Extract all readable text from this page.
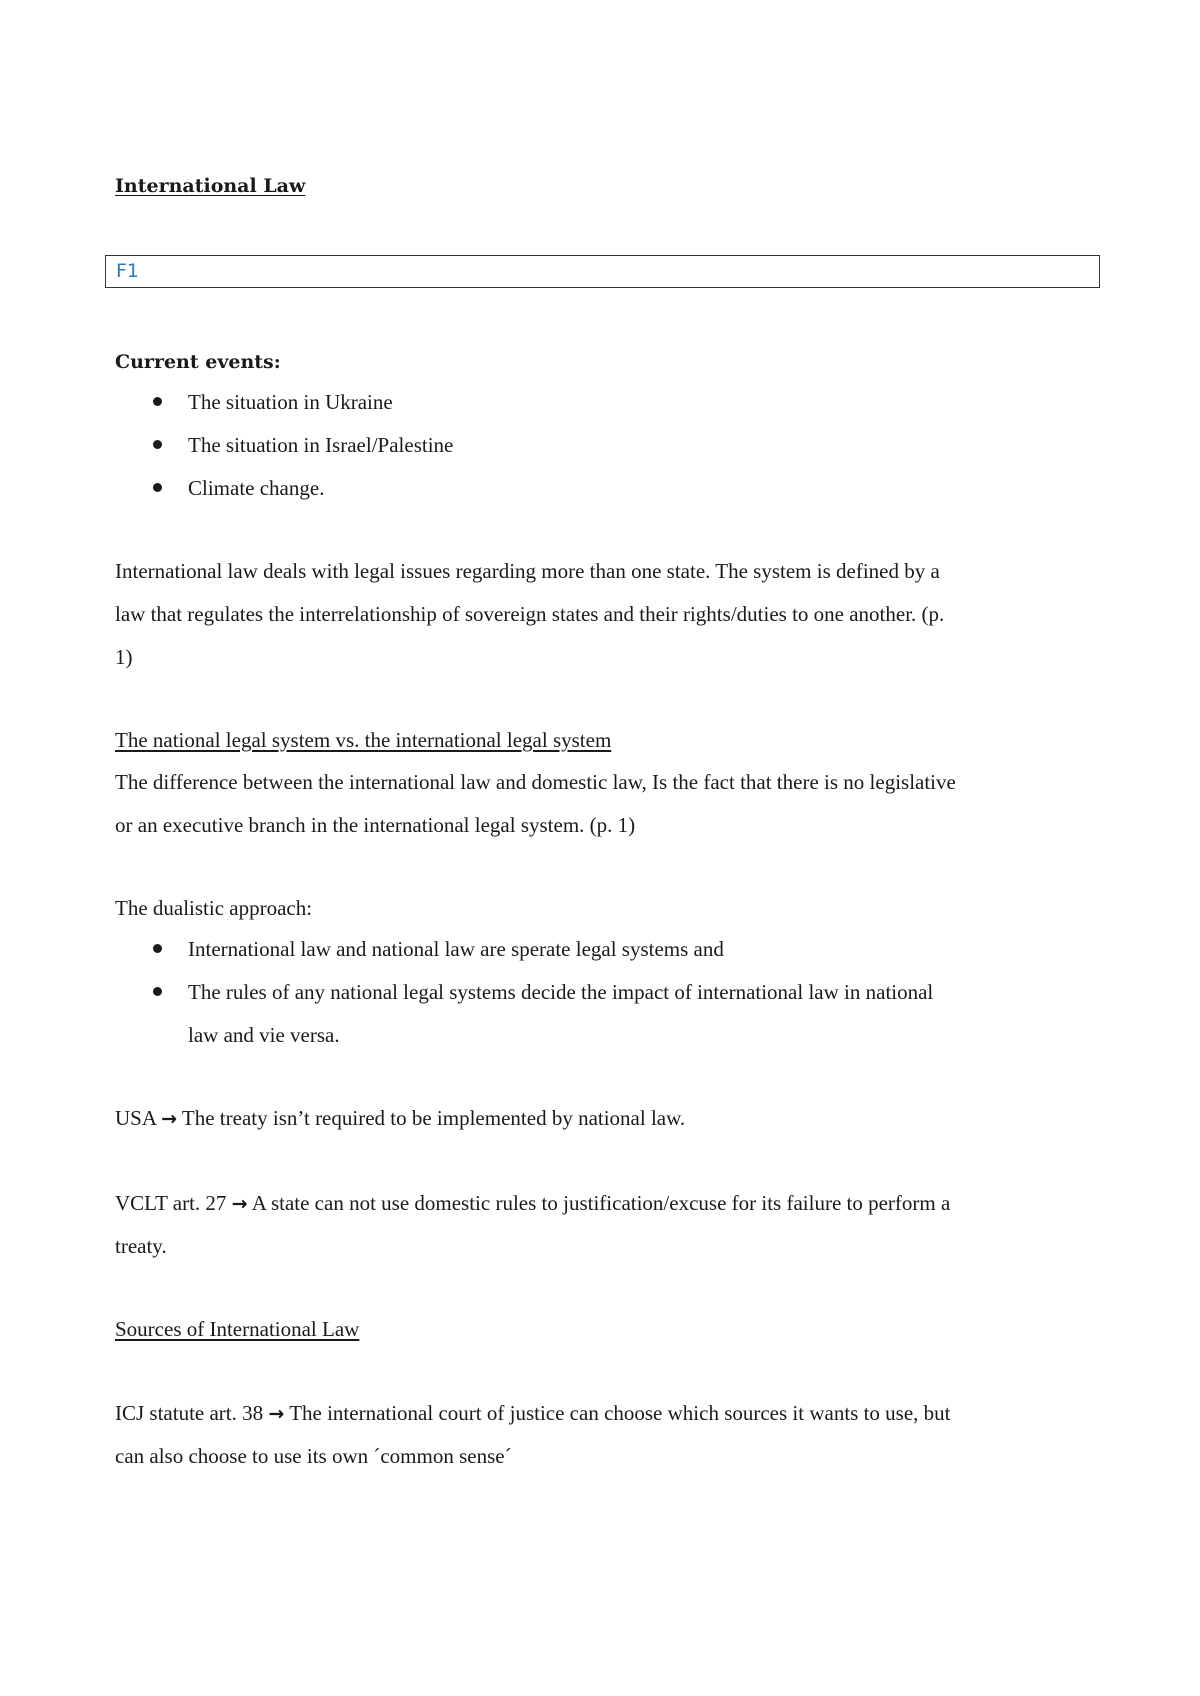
International Law
F1
Current events:
The situation in Ukraine
The situation in Israel/Palestine
Climate change.
International law deals with legal issues regarding more than one state. The system is defined by a
law that regulates the interrelationship of sovereign states and their rights/duties to one another. (p.
1)
The national legal system vs. the international legal system
The difference between the international law and domestic law, Is the fact that there is no legislative
or an executive branch in the international legal system. (p. 1)
The dualistic approach:
International law and national law are sperate legal systems and
The rules of any national legal systems decide the impact of international law in national
law and vie versa.
USA → The treaty isn’t required to be implemented by national law.
VCLT art. 27 → A state can not use domestic rules to justification/excuse for its failure to perform a
treaty.
Sources of International Law
ICJ statute art. 38 → The international court of justice can choose which sources it wants to use, but
can also choose to use its own ´common sense´
